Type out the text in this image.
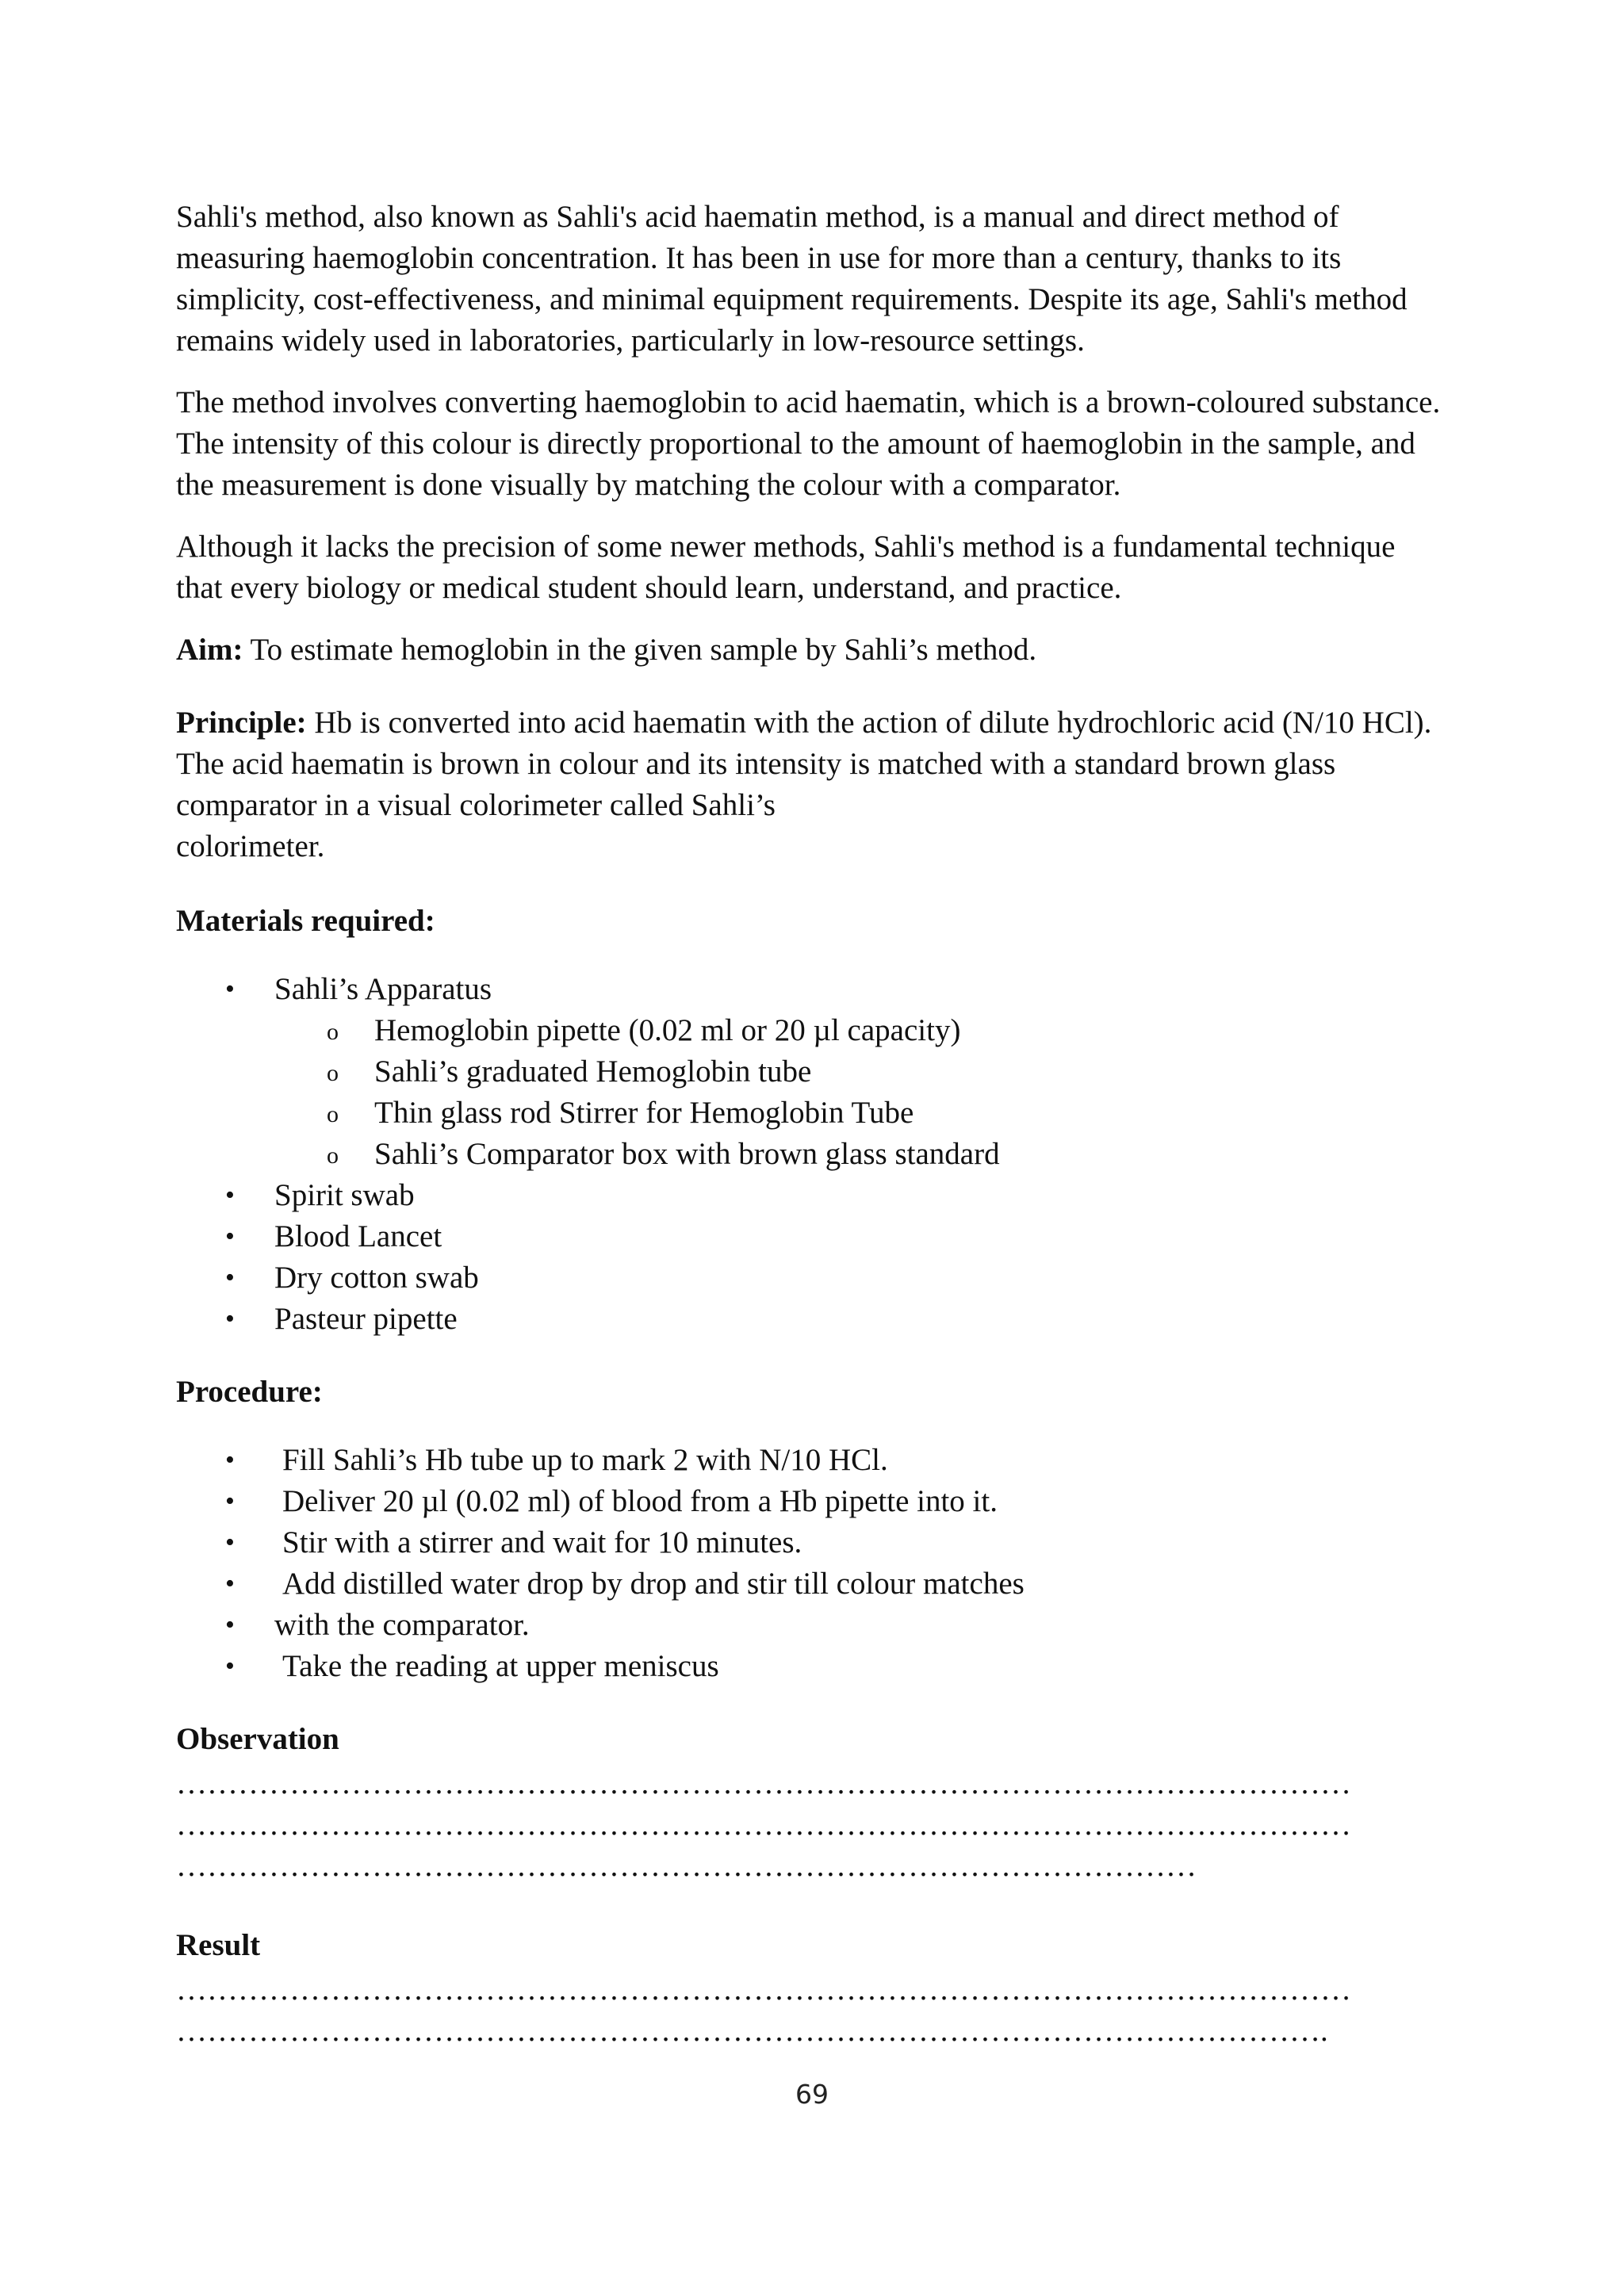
Sahli's method, also known as Sahli's acid haematin method, is a manual and direct method of measuring haemoglobin concentration. It has been in use for more than a century, thanks to its simplicity, cost-effectiveness, and minimal equipment requirements. Despite its age, Sahli's method remains widely used in laboratories, particularly in low-resource settings.

The method involves converting haemoglobin to acid haematin, which is a brown-coloured substance. The intensity of this colour is directly proportional to the amount of haemoglobin in the sample, and the measurement is done visually by matching the colour with a comparator.

Although it lacks the precision of some newer methods, Sahli's method is a fundamental technique that every biology or medical student should learn, understand, and practice.

Aim: To estimate hemoglobin in the given sample by Sahli’s method.

Principle: Hb is converted into acid haematin with the action of dilute hydrochloric acid (N/10 HCl). The acid haematin is brown in colour and its intensity is matched with a standard brown glass comparator in a visual colorimeter called Sahli’s
colorimeter.

Materials required:

• Sahli’s Apparatus
o Hemoglobin pipette (0.02 ml or 20 µl capacity)
o Sahli’s graduated Hemoglobin tube
o Thin glass rod Stirrer for Hemoglobin Tube
o Sahli’s Comparator box with brown glass standard
• Spirit swab
• Blood Lancet
• Dry cotton swab
• Pasteur pipette

Procedure:

• Fill Sahli’s Hb tube up to mark 2 with N/10 HCl.
• Deliver 20 µl (0.02 ml) of blood from a Hb pipette into it.
• Stir with a stirrer and wait for 10 minutes.
• Add distilled water drop by drop and stir till colour matches
• with the comparator.
• Take the reading at upper meniscus

Observation

……………………………………………………………………………………………………
……………………………………………………………………………………………………
………………………………………………………………………………………

Result

……………………………………………………………………………………………………
………………………………………………………………………………………………….
69
